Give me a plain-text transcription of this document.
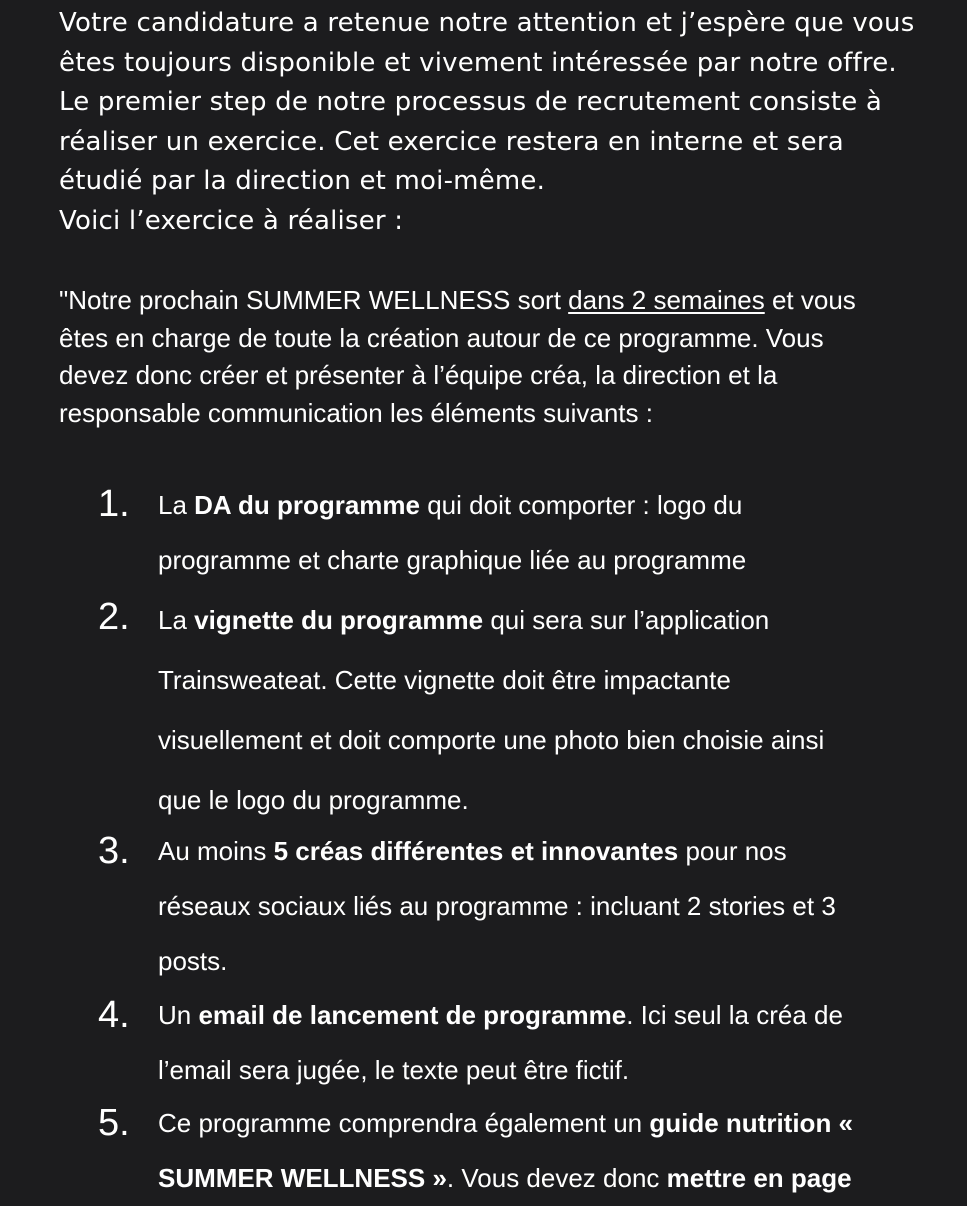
Votre candidature a retenue notre attention et j’espère que vous
êtes toujours disponible et vivement intéressée par notre offre.
Le premier step de notre processus de recrutement consiste à
réaliser un exercice. Cet exercice restera en interne et sera
étudié par la direction et moi-même.
Voici l’exercice à réaliser :
"Notre prochain SUMMER WELLNESS sort dans 2 semaines et vous
êtes en charge de toute la création autour de ce programme. Vous
devez donc créer et présenter à l’équipe créa, la direction et la
responsable communication les éléments suivants :
1.	La DA du programme qui doit comporter : logo du
programme et charte graphique liée au programme
2.	La vignette du programme qui sera sur l’application
Trainsweateat. Cette vignette doit être impactante
visuellement et doit comporte une photo bien choisie ainsi
que le logo du programme.
3.	Au moins 5 créas différentes et innovantes pour nos
réseaux sociaux liés au programme : incluant 2 stories et 3
posts.
4.	Un email de lancement de programme. Ici seul la créa de
l’email sera jugée, le texte peut être fictif.
5.	Ce programme comprendra également un guide nutrition «
SUMMER WELLNESS ». Vous devez donc mettre en page
